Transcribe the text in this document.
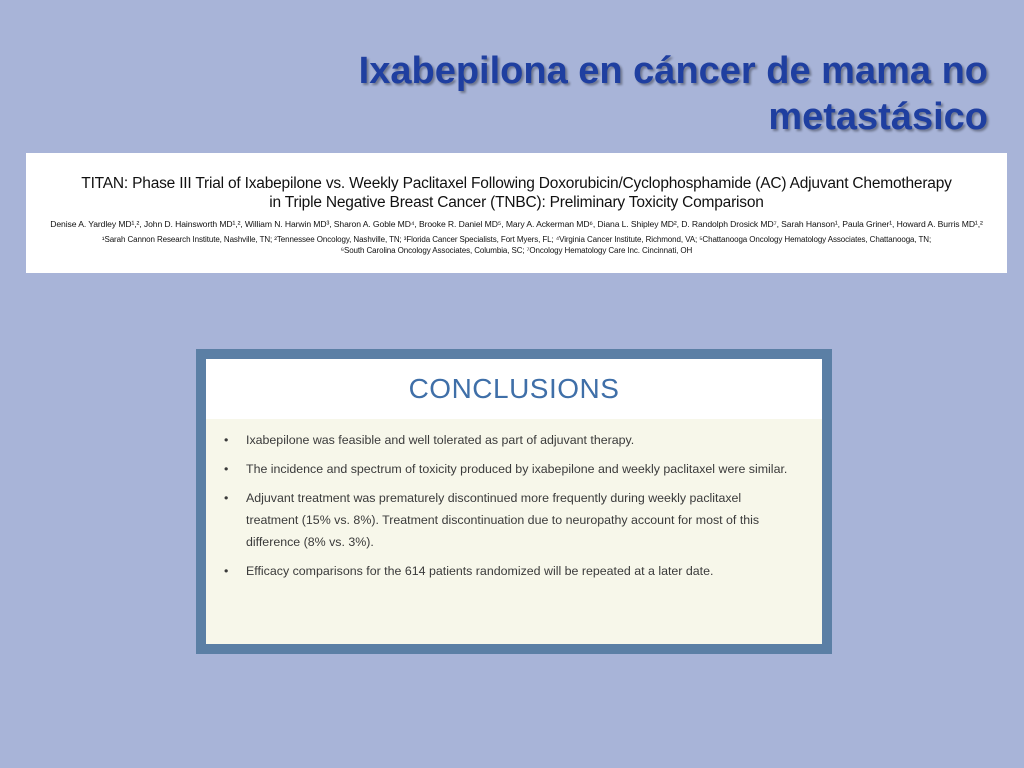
Ixabepilona en cáncer de mama no
metastásico
TITAN: Phase III Trial of Ixabepilone vs. Weekly Paclitaxel Following Doxorubicin/Cyclophosphamide (AC) Adjuvant Chemotherapy
in Triple Negative Breast Cancer (TNBC): Preliminary Toxicity Comparison
Denise A. Yardley MD¹,², John D. Hainsworth MD¹,², William N. Harwin MD³, Sharon A. Goble MD⁴, Brooke R. Daniel MD⁵, Mary A. Ackerman MD⁶, Diana L. Shipley MD², D. Randolph Drosick MD⁷, Sarah Hanson¹, Paula Griner¹, Howard A. Burris MD¹,²
¹Sarah Cannon Research Institute, Nashville, TN; ²Tennessee Oncology, Nashville, TN; ³Florida Cancer Specialists, Fort Myers, FL; ⁴Virginia Cancer Institute, Richmond, VA; ⁵Chattanooga Oncology Hematology Associates, Chattanooga, TN;
⁶South Carolina Oncology Associates, Columbia, SC; ⁷Oncology Hematology Care Inc. Cincinnati, OH
CONCLUSIONS
• Ixabepilone was feasible and well tolerated as part of adjuvant therapy.
• The incidence and spectrum of toxicity produced by ixabepilone and weekly paclitaxel were similar.
• Adjuvant treatment was prematurely discontinued more frequently during weekly paclitaxel treatment (15% vs. 8%). Treatment discontinuation due to neuropathy account for most of this difference (8% vs. 3%).
• Efficacy comparisons for the 614 patients randomized will be repeated at a later date.
